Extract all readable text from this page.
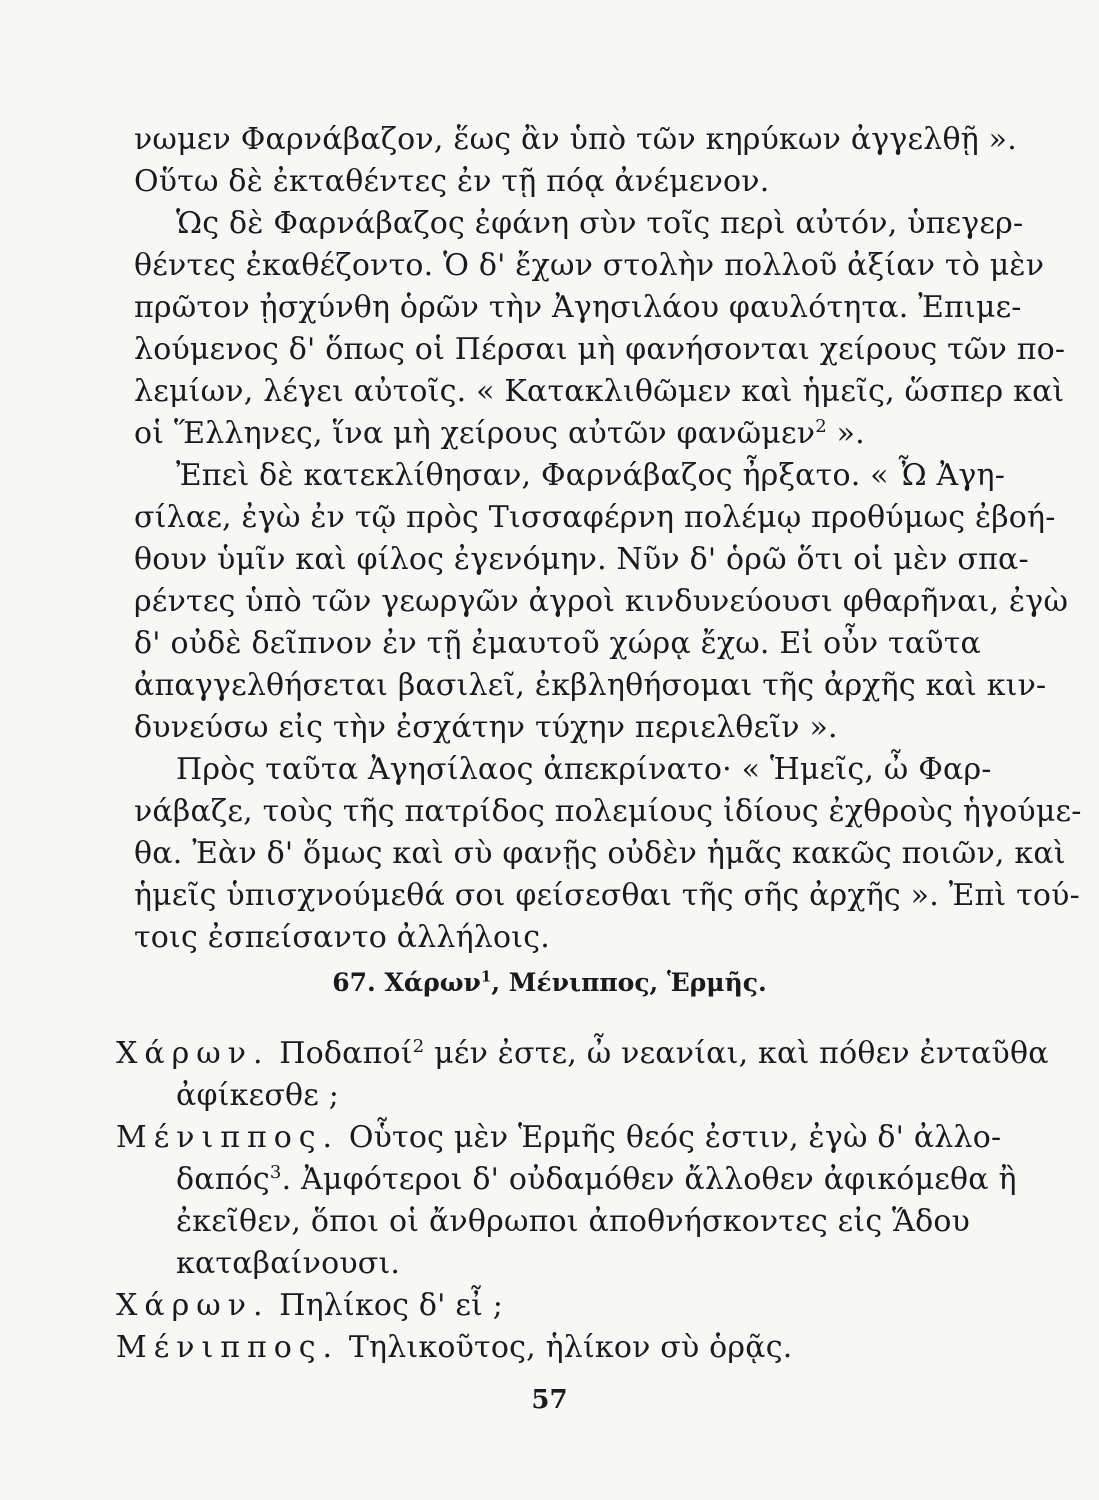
νωμεν Φαρνάβαζον, ἕως ἂν ὑπὸ τῶν κηρύκων ἀγγελθῇ ».
Οὕτω δὲ ἐκταθέντες ἐν τῇ πόᾳ ἀνέμενον.
Ὡς δὲ Φαρνάβαζος ἐφάνη σὺν τοῖς περὶ αὐτόν, ὑπεγερ-
θέντες ἐκαθέζοντο. Ὁ δ' ἔχων στολὴν πολλοῦ ἀξίαν τὸ μὲν
πρῶτον ᾐσχύνθη ὁρῶν τὴν Ἀγησιλάου φαυλότητα. Ἐπιμε-
λούμενος δ' ὅπως οἱ Πέρσαι μὴ φανήσονται χείρους τῶν πο-
λεμίων, λέγει αὐτοῖς. « Κατακλιθῶμεν καὶ ἡμεῖς, ὥσπερ καὶ
οἱ Ἕλληνες, ἵνα μὴ χείρους αὐτῶν φανῶμεν$^2$ ».
Ἐπεὶ δὲ κατεκλίθησαν, Φαρνάβαζος ἦρξατο. « Ὦ Ἀγη-
σίλαε, ἐγὼ ἐν τῷ πρὸς Τισσαφέρνη πολέμῳ προθύμως ἐβοή-
θουν ὑμῖν καὶ φίλος ἐγενόμην. Νῦν δ' ὁρῶ ὅτι οἱ μὲν σπα-
ρέντες ὑπὸ τῶν γεωργῶν ἀγροὶ κινδυνεύουσι φθαρῆναι, ἐγὼ
δ' οὐδὲ δεῖπνον ἐν τῇ ἐμαυτοῦ χώρᾳ ἔχω. Εἰ οὖν ταῦτα
ἀπαγγελθήσεται βασιλεῖ, ἐκβληθήσομαι τῆς ἀρχῆς καὶ κιν-
δυνεύσω εἰς τὴν ἐσχάτην τύχην περιελθεῖν ».
Πρὸς ταῦτα Ἀγησίλαος ἀπεκρίνατο· « Ἡμεῖς, ὦ Φαρ-
νάβαζε, τοὺς τῆς πατρίδος πολεμίους ἰδίους ἐχθροὺς ἡγούμε-
θα. Ἐὰν δ' ὅμως καὶ σὺ φανῇς οὐδὲν ἡμᾶς κακῶς ποιῶν, καὶ
ἡμεῖς ὑπισχνούμεθά σοι φείσεσθαι τῆς σῆς ἀρχῆς ». Ἐπὶ τού-
τοις ἐσπείσαντο ἀλλήλοις.
67. Χάρων$^1$, Μένιππος, Ἑρμῆς.
Χάρων. Ποδαποί$^2$ μέν ἐστε, ὦ νεανίαι, καὶ πόθεν ἐνταῦθα
ἀφίκεσθε ;
Μένιππος. Οὗτος μὲν Ἑρμῆς θεός ἐστιν, ἐγὼ δ' ἀλλο-
δαπός$^3$. Ἀμφότεροι δ' οὐδαμόθεν ἄλλοθεν ἀφικόμεθα ἢ
ἐκεῖθεν, ὅποι οἱ ἄνθρωποι ἀποθνήσκοντες εἰς Ἅδου
καταβαίνουσι.
Χάρων. Πηλίκος δ' εἶ ;
Μένιππος. Τηλικοῦτος, ἡλίκον σὺ ὁρᾷς.
57
